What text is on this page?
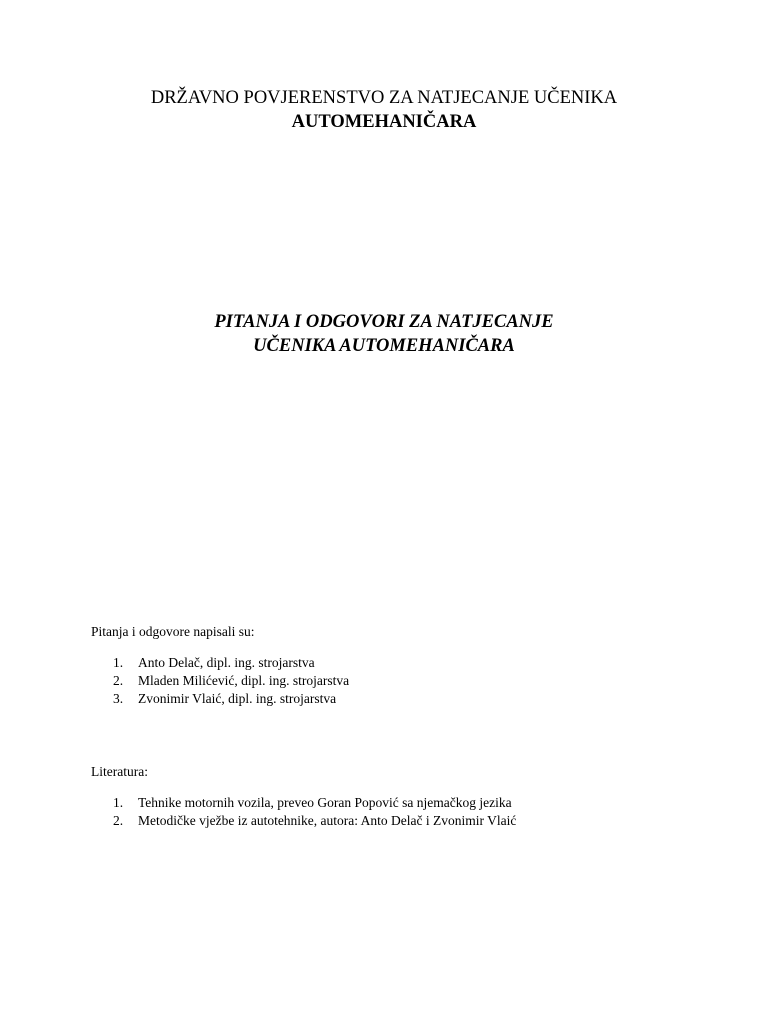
DRŽAVNO POVJERENSTVO ZA NATJECANJE UČENIKA
AUTOMEHANIČARA
PITANJA I ODGOVORI ZA NATJECANJE
UČENIKA AUTOMEHANIČARA
Pitanja i odgovore napisali su:
1. Anto Delač, dipl. ing. strojarstva
2. Mladen Milićević, dipl. ing. strojarstva
3. Zvonimir Vlaić, dipl. ing. strojarstva
Literatura:
1. Tehnike motornih vozila, preveo Goran Popović sa njemačkog jezika
2. Metodičke vježbe iz autotehnike, autora: Anto Delač i Zvonimir Vlaić
